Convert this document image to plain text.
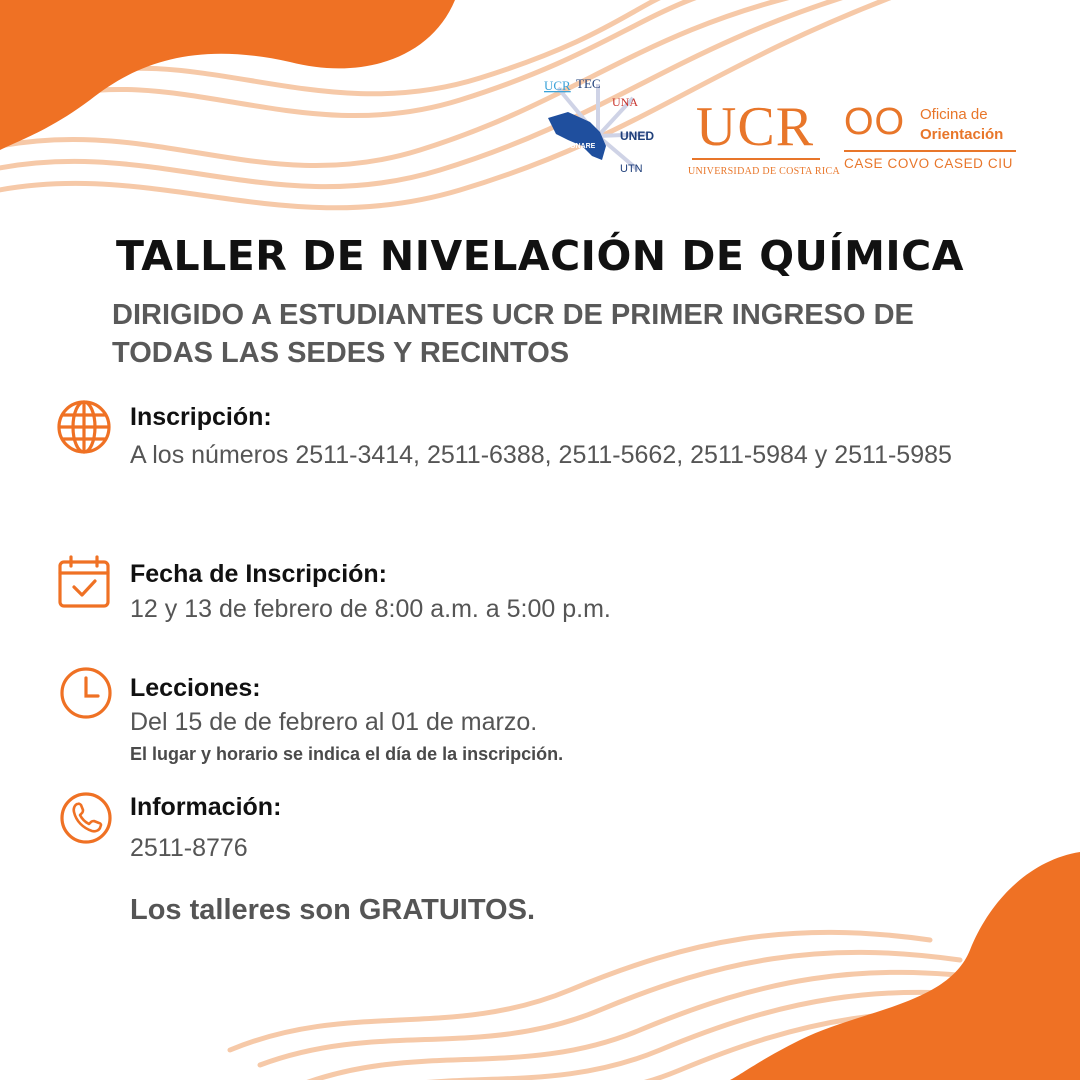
UCR TEC
UNA
UNED
CONARE
UTN
UCR
UNIVERSIDAD DE COSTA RICA
OO Oficina de
Orientación
CASE COVO CASED CIU
TALLER DE NIVELACIÓN DE QUÍMICA
DIRIGIDO A ESTUDIANTES UCR DE PRIMER INGRESO DE TODAS LAS SEDES Y RECINTOS
Inscripción:
A los números 2511-3414, 2511-6388, 2511-5662, 2511-5984 y 2511-5985
Fecha de Inscripción:
12 y 13 de febrero de 8:00 a.m. a 5:00 p.m.
Lecciones:
Del 15 de de febrero al 01 de marzo.
El lugar y horario se indica el día de la inscripción.
Información:
2511-8776
Los talleres son GRATUITOS.
